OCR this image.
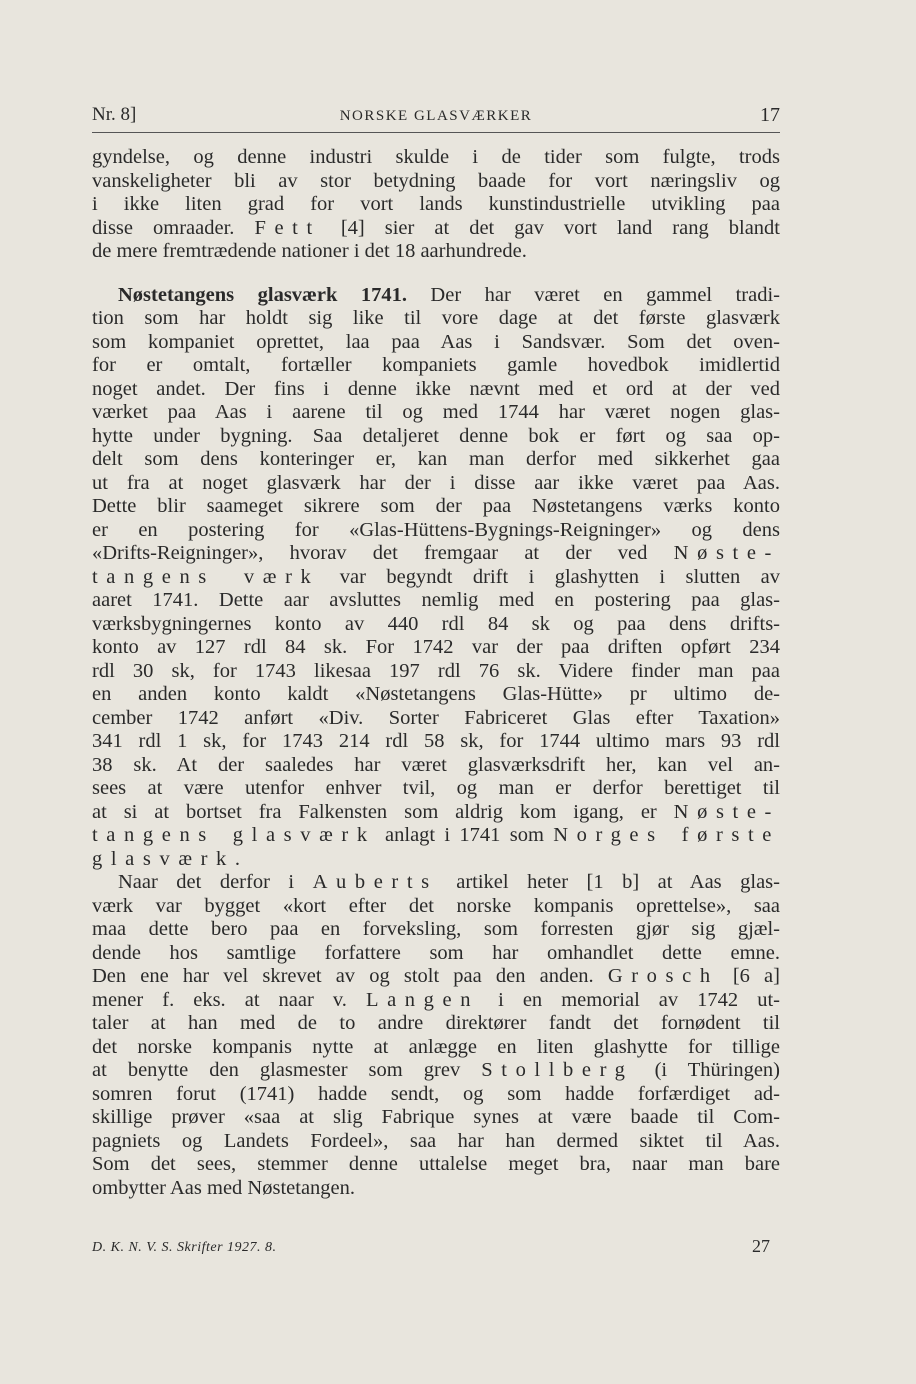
Nr. 8]	NORSKE GLASVÆRKER	17
gyndelse, og denne industri skulde i de tider som fulgte, trods
vanskeligheter bli av stor betydning baade for vort næringsliv og
i ikke liten grad for vort lands kunstindustrielle utvikling paa
disse omraader. Fett [4] sier at det gav vort land rang blandt
de mere fremtrædende nationer i det 18 aarhundrede.
Nøstetangens glasværk 1741. Der har været en gammel tradi-
tion som har holdt sig like til vore dage at det første glasværk
som kompaniet oprettet, laa paa Aas i Sandsvær. Som det oven-
for er omtalt, fortæller kompaniets gamle hovedbok imidlertid
noget andet. Der fins i denne ikke nævnt med et ord at der ved
værket paa Aas i aarene til og med 1744 har været nogen glas-
hytte under bygning. Saa detaljeret denne bok er ført og saa op-
delt som dens konteringer er, kan man derfor med sikkerhet gaa
ut fra at noget glasværk har der i disse aar ikke været paa Aas.
Dette blir saameget sikrere som der paa Nøstetangens værks konto
er en postering for «Glas-Hüttens-Bygnings-Reigninger» og dens
«Drifts-Reigninger», hvorav det fremgaar at der ved Nøste-
tangens værk var begyndt drift i glashytten i slutten av
aaret 1741. Dette aar avsluttes nemlig med en postering paa glas-
værksbygningernes konto av 440 rdl 84 sk og paa dens drifts-
konto av 127 rdl 84 sk. For 1742 var der paa driften opført 234
rdl 30 sk, for 1743 likesaa 197 rdl 76 sk. Videre finder man paa
en anden konto kaldt «Nøstetangens Glas-Hütte» pr ultimo de-
cember 1742 anført «Div. Sorter Fabriceret Glas efter Taxation»
341 rdl 1 sk, for 1743 214 rdl 58 sk, for 1744 ultimo mars 93 rdl
38 sk. At der saaledes har været glasværksdrift her, kan vel an-
sees at være utenfor enhver tvil, og man er derfor berettiget til
at si at bortset fra Falkensten som aldrig kom igang, er Nøste-
tangens glasværk anlagt i 1741 som Norges første
glasværk.
Naar det derfor i Auberts artikel heter [1 b] at Aas glas-
værk var bygget «kort efter det norske kompanis oprettelse», saa
maa dette bero paa en forveksling, som forresten gjør sig gjæl-
dende hos samtlige forfattere som har omhandlet dette emne.
Den ene har vel skrevet av og stolt paa den anden. Grosch [6 a]
mener f. eks. at naar v. Langen i en memorial av 1742 ut-
taler at han med de to andre direktører fandt det fornødent til
det norske kompanis nytte at anlægge en liten glashytte for tillige
at benytte den glasmester som grev Stollberg (i Thüringen)
somren forut (1741) hadde sendt, og som hadde forfærdiget ad-
skillige prøver «saa at slig Fabrique synes at være baade til Com-
pagniets og Landets Fordeel», saa har han dermed siktet til Aas.
Som det sees, stemmer denne uttalelse meget bra, naar man bare
ombytter Aas med Nøstetangen.
D. K. N. V. S. Skrifter 1927. 8.	27
